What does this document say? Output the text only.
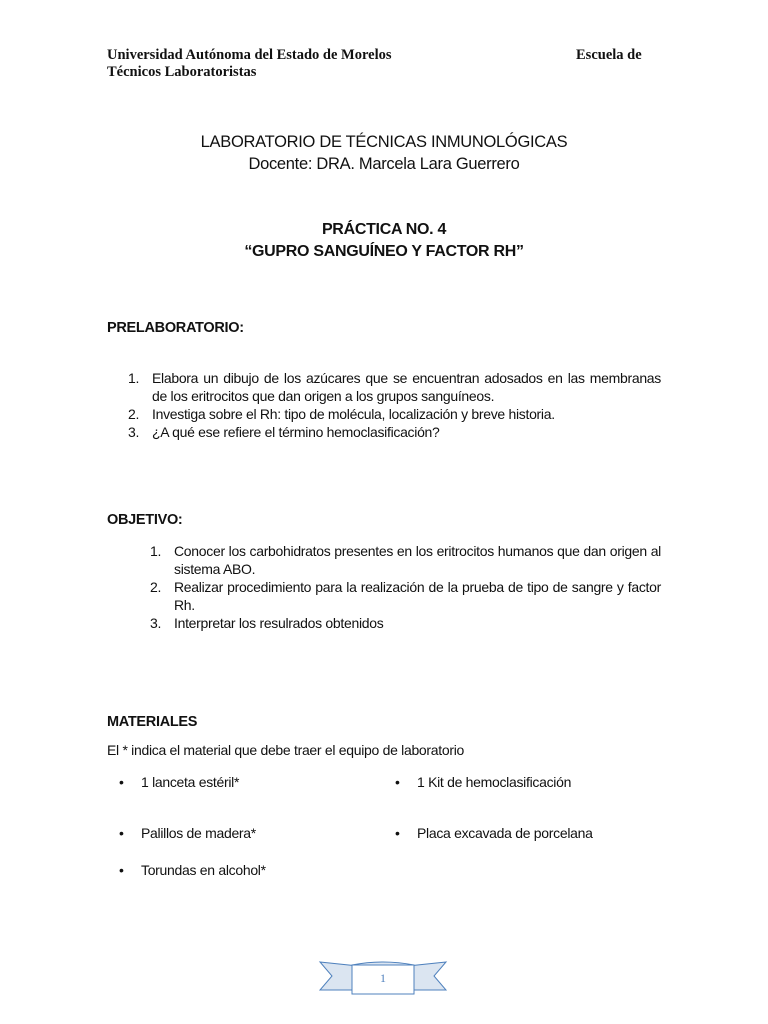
Universidad Autónoma del Estado de Morelos
Técnicos Laboratoristas
Escuela de
LABORATORIO DE TÉCNICAS INMUNOLÓGICAS
Docente: DRA. Marcela Lara Guerrero
PRÁCTICA NO. 4
“GUPRO SANGUÍNEO Y FACTOR RH”
PRELABORATORIO:
1. Elabora un dibujo de los azúcares que se encuentran adosados en las membranas de los eritrocitos que dan origen a los grupos sanguíneos.
2. Investiga sobre el Rh: tipo de molécula, localización y breve historia.
3. ¿A qué ese refiere el término hemoclasificación?
OBJETIVO:
1. Conocer los carbohidratos presentes en los eritrocitos humanos que dan origen al sistema ABO.
2. Realizar procedimiento para la realización de la prueba de tipo de sangre y factor Rh.
3. Interpretar los resulrados obtenidos
MATERIALES
El * indica el material que debe traer el equipo de laboratorio
• 1 lanceta estéril*	• 1 Kit de hemoclasificación
• Palillos de madera*	• Placa excavada de porcelana
• Torundas en alcohol*
1
